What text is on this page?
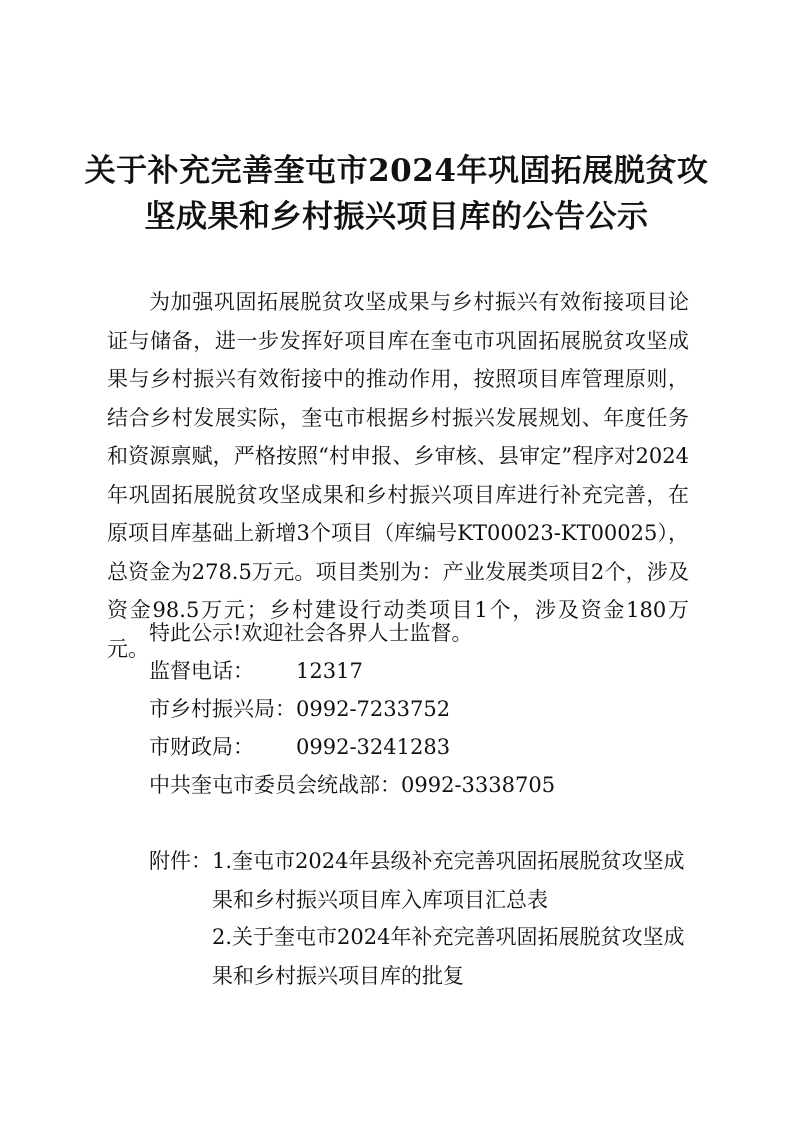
关于补充完善奎屯市2024年巩固拓展脱贫攻
坚成果和乡村振兴项目库的公告公示

为加强巩固拓展脱贫攻坚成果与乡村振兴有效衔接项目论证与储备，进一步发挥好项目库在奎屯市巩固拓展脱贫攻坚成果与乡村振兴有效衔接中的推动作用，按照项目库管理原则，结合乡村发展实际，奎屯市根据乡村振兴发展规划、年度任务和资源禀赋，严格按照“村申报、乡审核、县审定”程序对2024年巩固拓展脱贫攻坚成果和乡村振兴项目库进行补充完善，在原项目库基础上新增3个项目（库编号KT00023-KT00025），总资金为278.5万元。项目类别为：产业发展类项目2个，涉及资金98.5万元；乡村建设行动类项目1个，涉及资金180万元。

特此公示!欢迎社会各界人士监督。
监督电话： 12317
市乡村振兴局：0992-7233752
市财政局： 0992-3241283
中共奎屯市委员会统战部：0992-3338705
附件： 1.奎屯市2024年县级补充完善巩固拓展脱贫攻坚成
果和乡村振兴项目库入库项目汇总表
2.关于奎屯市2024年补充完善巩固拓展脱贫攻坚成
果和乡村振兴项目库的批复
